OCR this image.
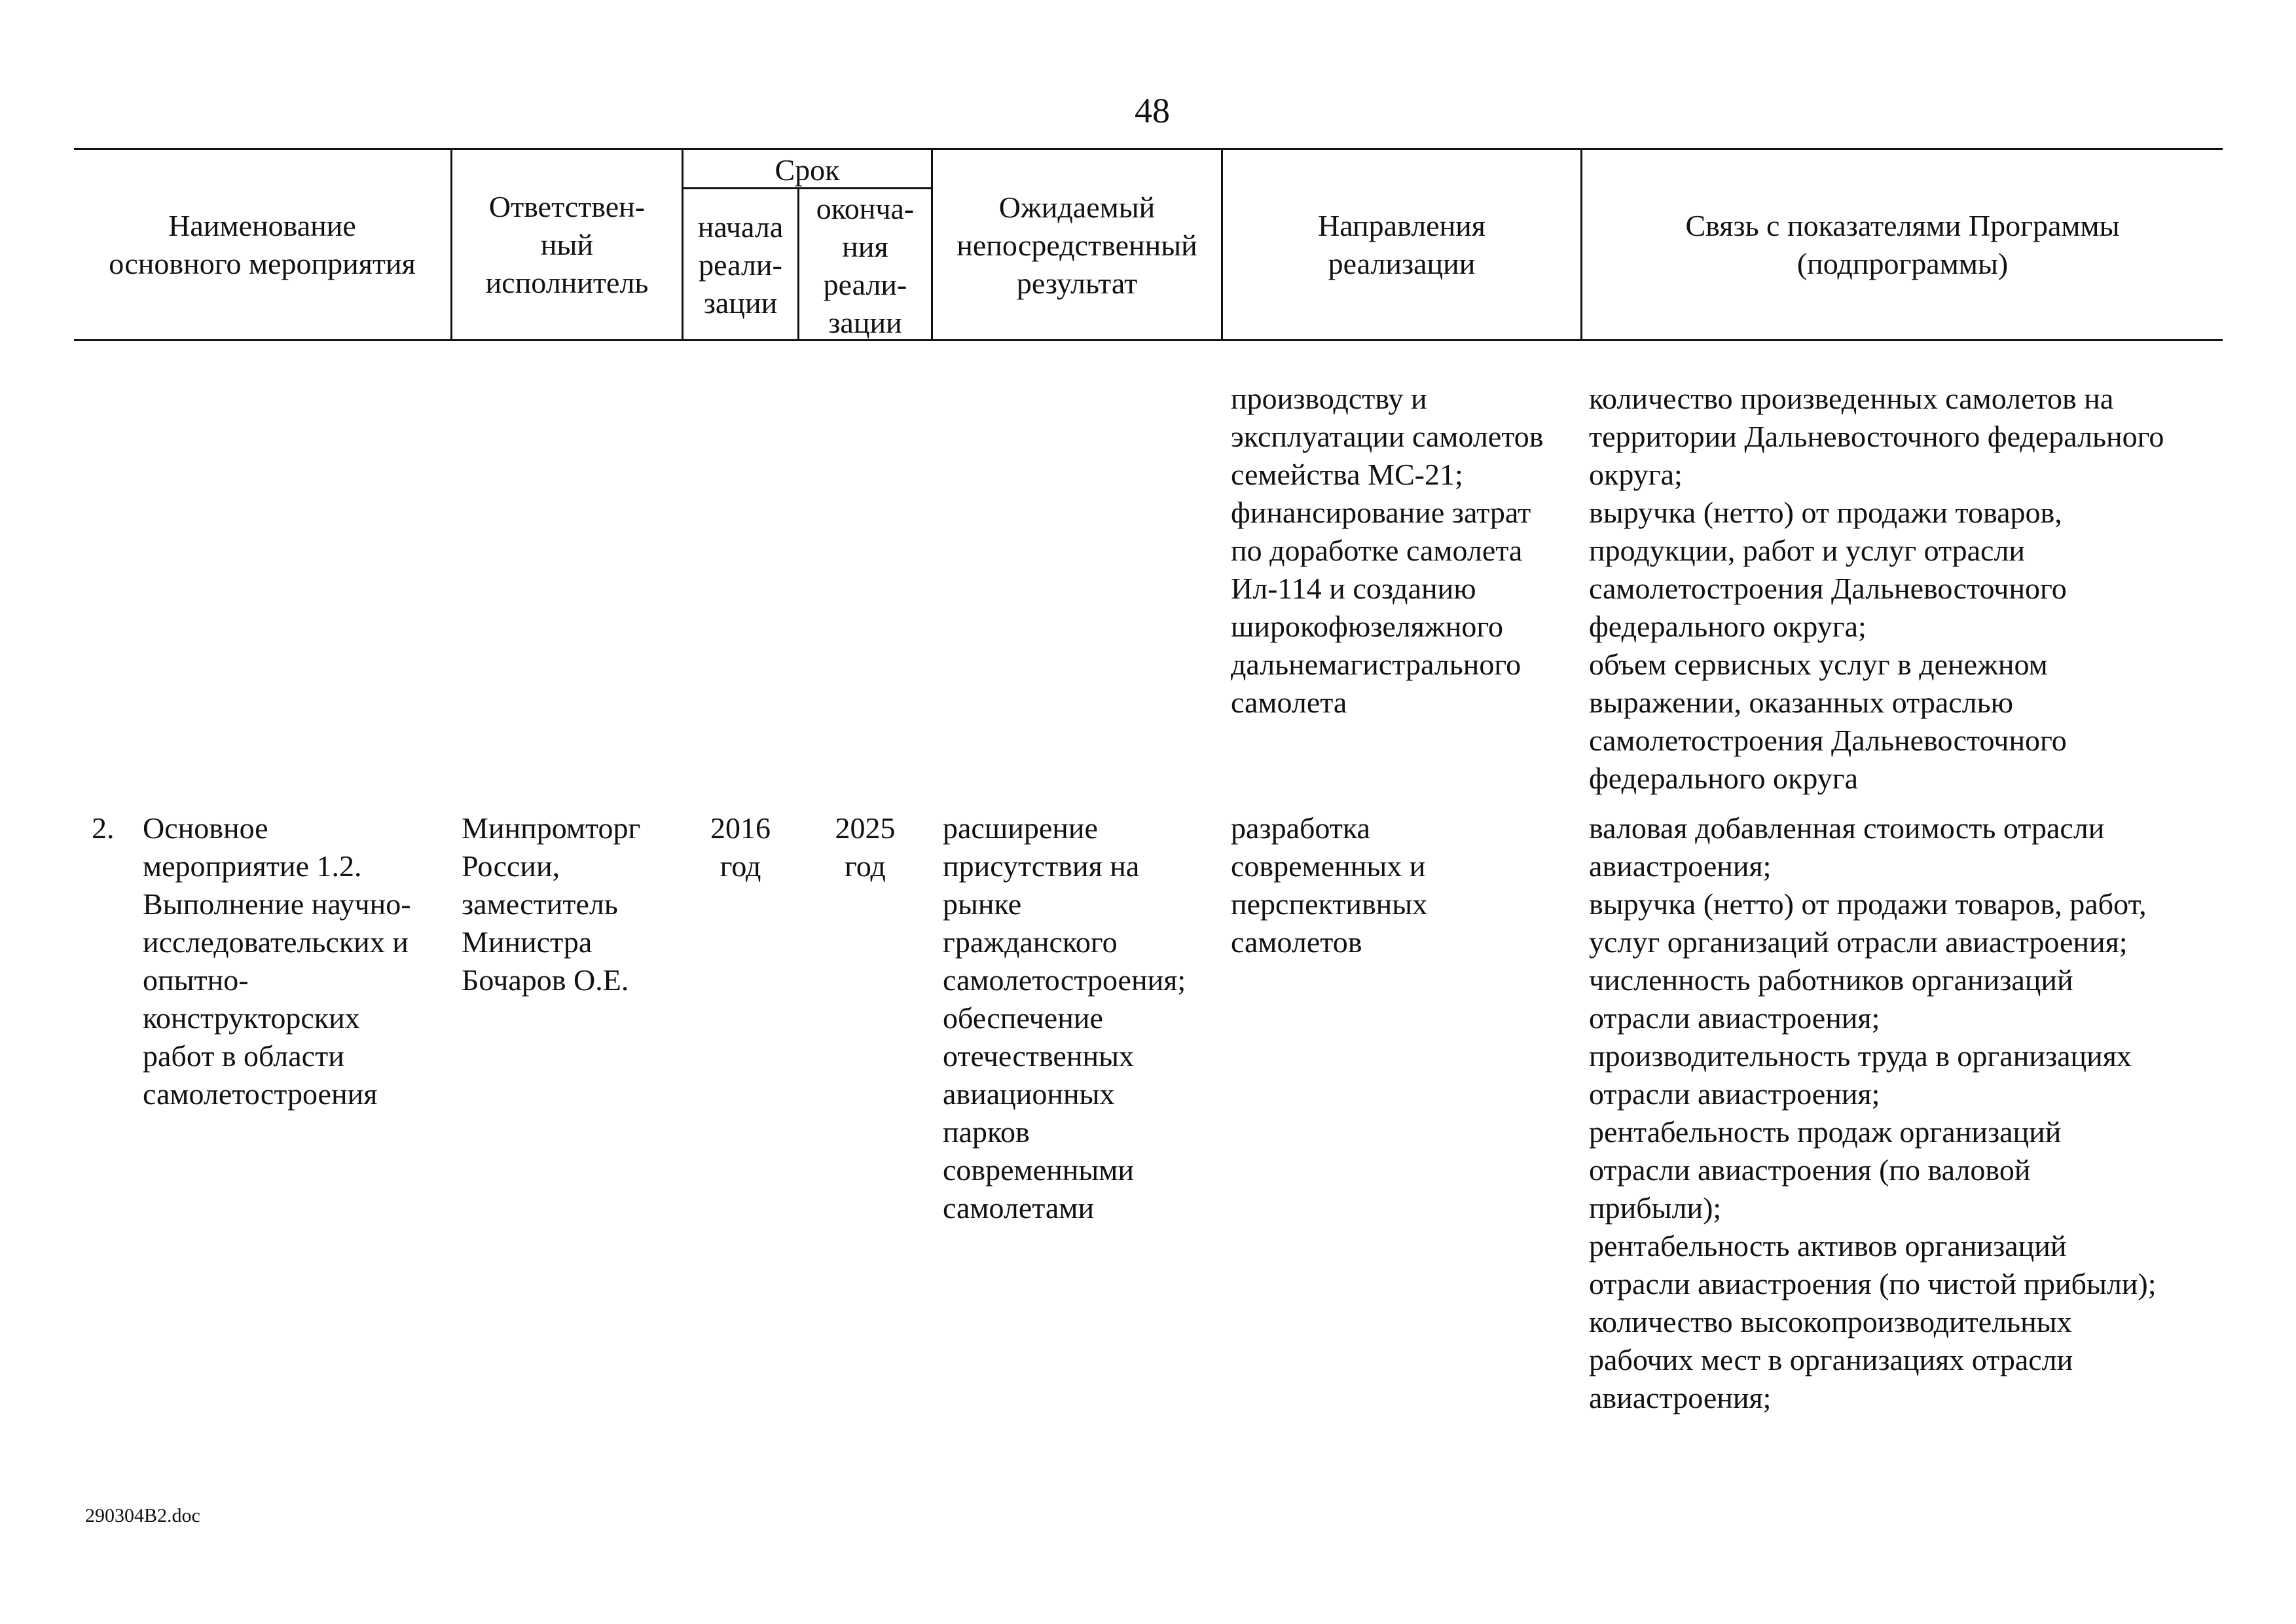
48
Наименование
основного мероприятия
Ответствен-
ный
исполнитель
Срок
начала
реали-
зации
оконча-
ния
реали-
зации
Ожидаемый
непосредственный
результат
Направления
реализации
Связь с показателями Программы
(подпрограммы)
производству и
эксплуатации самолетов
семейства МС-21;
финансирование затрат
по доработке самолета
Ил-114 и созданию
широкофюзеляжного
дальнемагистрального
самолета
количество произведенных самолетов на
территории Дальневосточного федерального
округа;
выручка (нетто) от продажи товаров,
продукции, работ и услуг отрасли
самолетостроения Дальневосточного
федерального округа;
объем сервисных услуг в денежном
выражении, оказанных отраслью
самолетостроения Дальневосточного
федерального округа
2. Основное
мероприятие 1.2.
Выполнение научно-
исследовательских и
опытно-
конструкторских
работ в области
самолетостроения
Минпромторг
России,
заместитель
Министра
Бочаров О.Е.
2016
год
2025
год
расширение
присутствия на
рынке
гражданского
самолетостроения;
обеспечение
отечественных
авиационных
парков
современными
самолетами
разработка
современных и
перспективных
самолетов
валовая добавленная стоимость отрасли
авиастроения;
выручка (нетто) от продажи товаров, работ,
услуг организаций отрасли авиастроения;
численность работников организаций
отрасли авиастроения;
производительность труда в организациях
отрасли авиастроения;
рентабельность продаж организаций
отрасли авиастроения (по валовой
прибыли);
рентабельность активов организаций
отрасли авиастроения (по чистой прибыли);
количество высокопроизводительных
рабочих мест в организациях отрасли
авиастроения;
290304B2.doc
